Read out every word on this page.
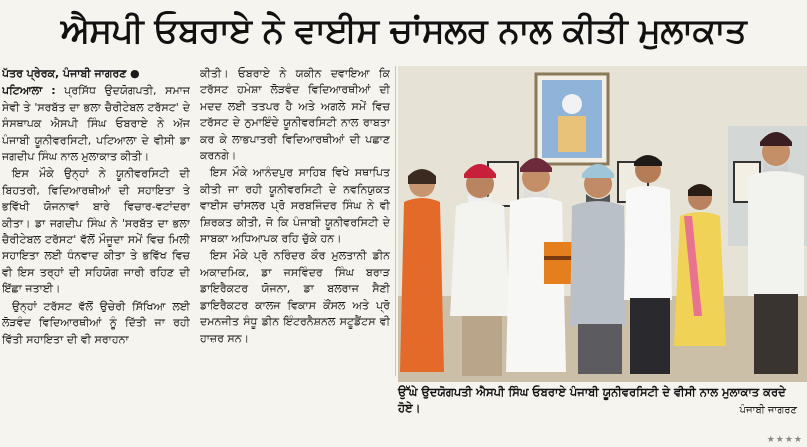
ਐਸਪੀ ਓਬਰਾਏ ਨੇ ਵਾਈਸ ਚਾਂਸਲਰ ਨਾਲ ਕੀਤੀ ਮੁਲਾਕਾਤ

ਪੱਤਰ ਪ੍ਰੇਰਕ, ਪੰਜਾਬੀ ਜਾਗਰਣ ●

ਪਟਿਆਲਾ : ਪ੍ਰਸਿੱਧ ਉਦਯੋਗਪਤੀ, ਸਮਾਜ ਸੇਵੀ ਤੇ 'ਸਰਬੱਤ ਦਾ ਭਲਾ ਚੈਰੀਟੇਬਲ ਟਰੱਸਟ' ਦੇ ਸੰਸਥਾਪਕ ਐਸਪੀ ਸਿੰਘ ਓਬਰਾਏ ਨੇ ਅੱਜ ਪੰਜਾਬੀ ਯੂਨੀਵਰਸਿਟੀ, ਪਟਿਆਲਾ ਦੇ ਵੀਸੀ ਡਾ ਜਗਦੀਪ ਸਿੰਘ ਨਾਲ ਮੁਲਾਕਾਤ ਕੀਤੀ।

ਇਸ ਮੌਕੇ ਉਨ੍ਹਾਂ ਨੇ ਯੂਨੀਵਰਸਿਟੀ ਦੀ ਬਿਹਤਰੀ, ਵਿਦਿਆਰਥੀਆਂ ਦੀ ਸਹਾਇਤਾ ਤੇ ਭਵਿੱਖੀ ਯੋਜਨਾਵਾਂ ਬਾਰੇ ਵਿਚਾਰ-ਵਟਾਂਦਰਾ ਕੀਤਾ। ਡਾ ਜਗਦੀਪ ਸਿੰਘ ਨੇ 'ਸਰਬੱਤ ਦਾ ਭਲਾ ਚੈਰੀਟੇਬਲ ਟਰੱਸਟ' ਵੱਲੋਂ ਮੌਜੂਦਾ ਸਮੇਂ ਵਿਚ ਮਿਲੀ ਸਹਾਇਤਾ ਲਈ ਧੰਨਵਾਦ ਕੀਤਾ ਤੇ ਭਵਿੱਖ ਵਿਚ ਵੀ ਇਸ ਤਰ੍ਹਾਂ ਦੀ ਸਹਿਯੋਗ ਜਾਰੀ ਰਹਿਣ ਦੀ ਇੱਛਾ ਜਤਾਈ।

ਉਨ੍ਹਾਂ ਟਰੱਸਟ ਵੱਲੋਂ ਉਚੇਰੀ ਸਿੱਖਿਆ ਲਈ ਲੋੜਵੰਦ ਵਿਦਿਆਰਥੀਆਂ ਨੂੰ ਦਿੱਤੀ ਜਾ ਰਹੀ ਵਿੱਤੀ ਸਹਾਇਤਾ ਦੀ ਵੀ ਸਰਾਹਨਾ

ਕੀਤੀ। ਓਬਰਾਏ ਨੇ ਯਕੀਨ ਦਵਾਇਆ ਕਿ ਟਰੱਸਟ ਹਮੇਸ਼ਾ ਲੋੜਵੰਦ ਵਿਦਿਆਰਥੀਆਂ ਦੀ ਮਦਦ ਲਈ ਤਤਪਰ ਹੈ ਅਤੇ ਅਗਲੇ ਸਮੇਂ ਵਿਚ ਟਰੱਸਟ ਦੇ ਨੁਮਾਇੰਦੇ ਯੂਨੀਵਰਸਿਟੀ ਨਾਲ ਰਾਬਤਾ ਕਰ ਕੇ ਲਾਭਪਾਤਰੀ ਵਿਦਿਆਰਥੀਆਂ ਦੀ ਪਛਾਣ ਕਰਨਗੇ।

ਇਸ ਮੌਕੇ ਆਨੰਦਪੁਰ ਸਾਹਿਬ ਵਿਖੇ ਸਥਾਪਿਤ ਕੀਤੀ ਜਾ ਰਹੀ ਯੂਨੀਵਰਸਿਟੀ ਦੇ ਨਵਨਿਯੁਕਤ ਵਾਈਸ ਚਾਂਸਲਰ ਪ੍ਰੋ ਸਰਬਜਿੰਦਰ ਸਿੰਘ ਨੇ ਵੀ ਸ਼ਿਰਕਤ ਕੀਤੀ, ਜੋ ਕਿ ਪੰਜਾਬੀ ਯੂਨੀਵਰਸਿਟੀ ਦੇ ਸਾਬਕਾ ਅਧਿਆਪਕ ਰਹਿ ਚੁੱਕੇ ਹਨ।

ਇਸ ਮੌਕੇ ਪ੍ਰੋ ਨਰਿੰਦਰ ਕੌਰ ਮੁਲਤਾਨੀ ਡੀਨ ਅਕਾਦਮਿਕ, ਡਾ ਜਸਵਿੰਦਰ ਸਿੰਘ ਬਰਾੜ ਡਾਇਰੈਕਟਰ ਯੋਜਨਾ, ਡਾ ਬਲਰਾਜ ਸੈਣੀ ਡਾਇਰੈਕਟਰ ਕਾਲਜ ਵਿਕਾਸ ਕੌਂਸਲ ਅਤੇ ਪ੍ਰੋ ਦਮਨਜੀਤ ਸੰਧੂ ਡੀਨ ਇੰਟਰਨੈਸ਼ਨਲ ਸਟੂਡੈਂਟਸ ਵੀ ਹਾਜ਼ਰ ਸਨ।

ਉੱਘੇ ਉਦਯੋਗਪਤੀ ਐਸਪੀ ਸਿੰਘ ਓਬਰਾਏ ਪੰਜਾਬੀ ਯੂਨੀਵਰਸਿਟੀ ਦੇ ਵੀਸੀ ਨਾਲ ਮੁਲਾਕਾਤ ਕਰਦੇ ਹੋਏ।	ਪੰਜਾਬੀ ਜਾਗਰਣ
★★★★
